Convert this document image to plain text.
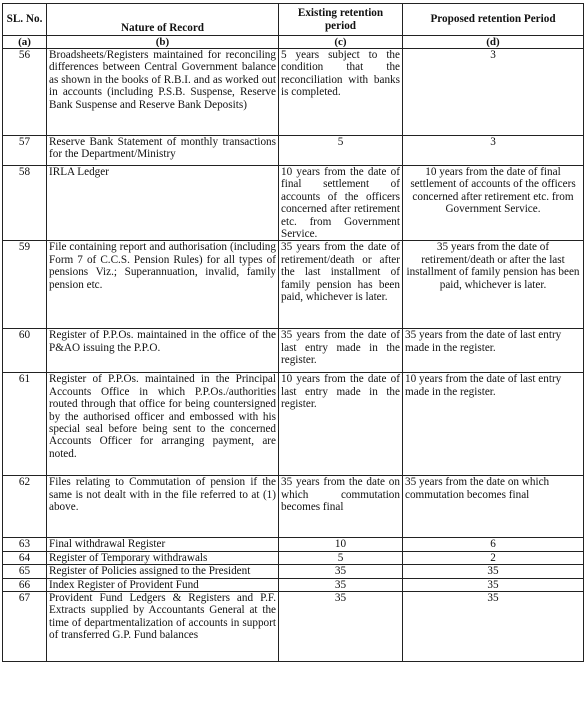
SL. No.	Nature of Record	Existing retention period	Proposed retention Period
(a)	(b)	(c)	(d)
56	Broadsheets/Registers maintained for reconciling differences between Central Government balance as shown in the books of R.B.I. and as worked out in accounts (including P.S.B. Suspense, Reserve Bank Suspense and Reserve Bank Deposits)	5 years subject to the condition that the reconciliation with banks is completed.	3
57	Reserve Bank Statement of monthly transactions for the Department/Ministry	5	3
58	IRLA Ledger	10 years from the date of final settlement of accounts of the officers concerned after retirement etc. from Government Service.	10 years from the date of final settlement of accounts of the officers concerned after retirement etc. from Government Service.
59	File containing report and authorisation (including Form 7 of C.C.S. Pension Rules) for all types of pensions Viz.; Superannuation, invalid, family pension etc.	35 years from the date of retirement/death or after the last installment of family pension has been paid, whichever is later.	35 years from the date of retirement/death or after the last installment of family pension has been paid, whichever is later.
60	Register of P.P.Os. maintained in the office of the P&AO issuing the P.P.O.	35 years from the date of last entry made in the register.	35 years from the date of last entry made in the register.
61	Register of P.P.Os. maintained in the Principal Accounts Office in which P.P.Os./authorities routed through that office for being countersigned by the authorised officer and embossed with his special seal before being sent to the concerned Accounts Officer for arranging payment, are noted.	10 years from the date of last entry made in the register.	10 years from the date of last entry made in the register.
62	Files relating to Commutation of pension if the same is not dealt with in the file referred to at (1) above.	35 years from the date on which commutation becomes final	35 years from the date on which commutation becomes final
63	Final withdrawal Register	10	6
64	Register of Temporary withdrawals	5	2
65	Register of Policies assigned to the President	35	35
66	Index Register of Provident Fund	35	35
67	Provident Fund Ledgers & Registers and P.F. Extracts supplied by Accountants General at the time of departmentalization of accounts in support of transferred G.P. Fund balances	35	35
